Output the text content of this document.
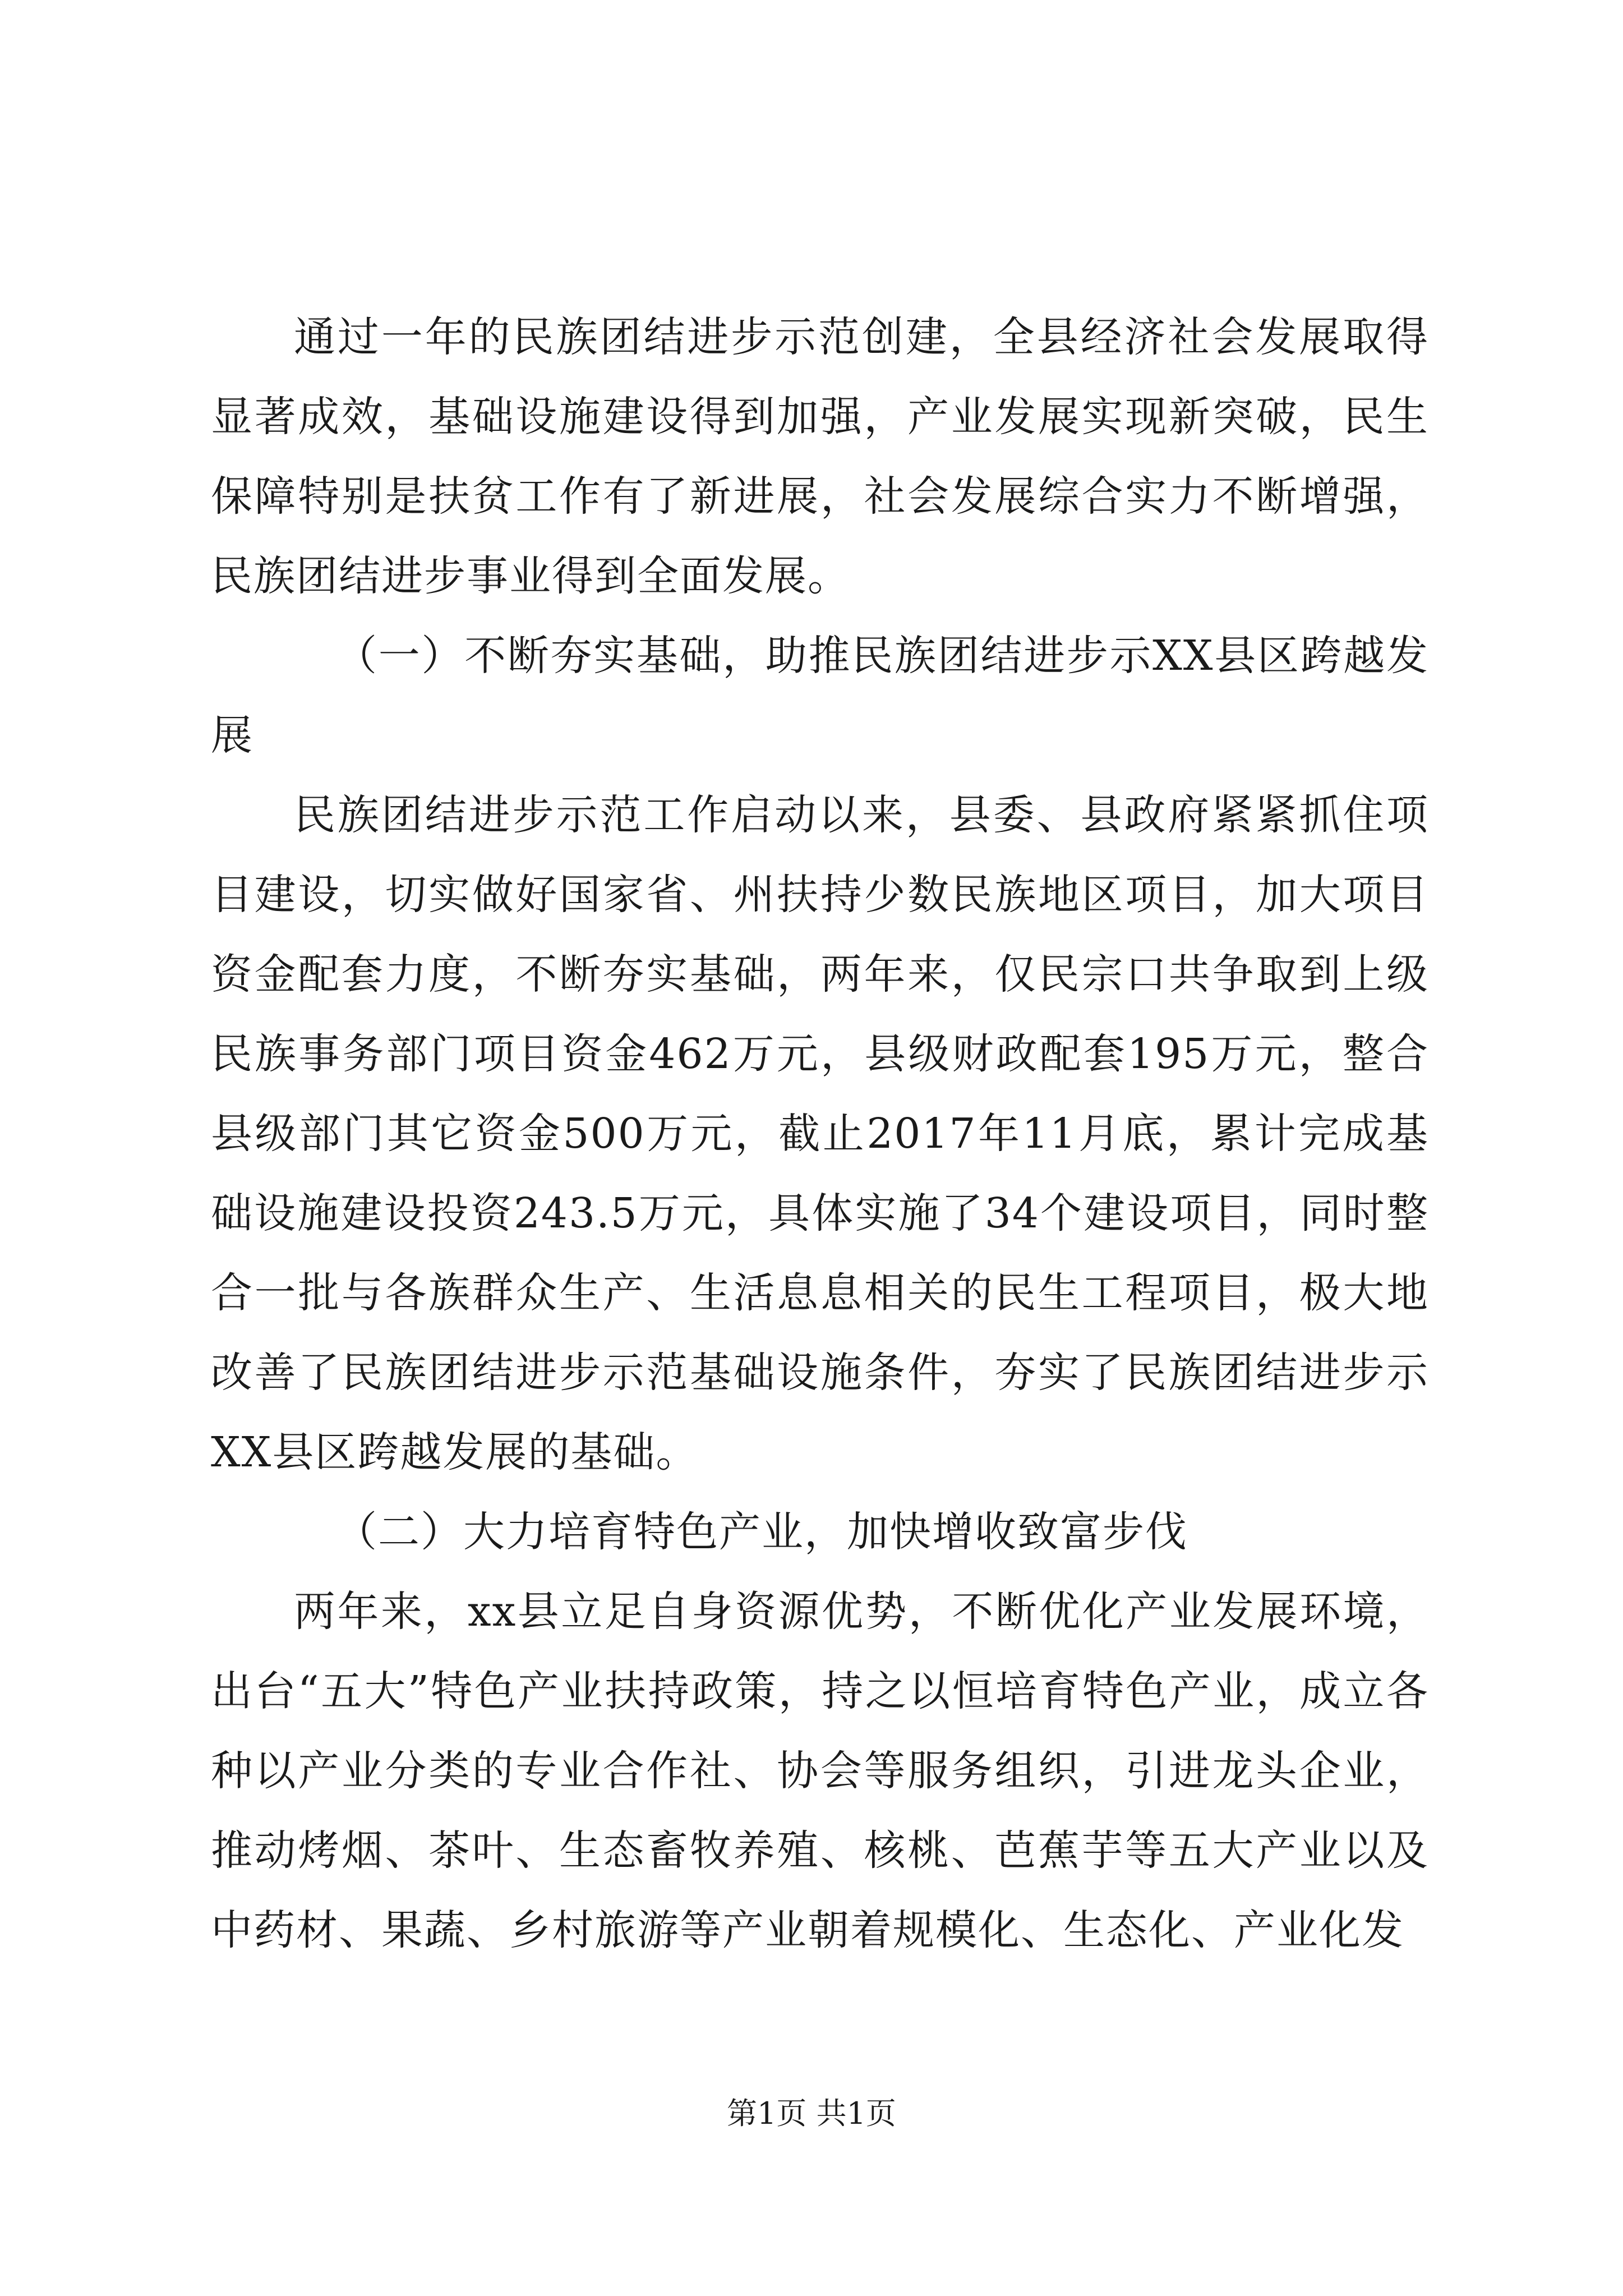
通过一年的民族团结进步示范创建，全县经济社会发展取得显著成效，基础设施建设得到加强，产业发展实现新突破，民生保障特别是扶贫工作有了新进展，社会发展综合实力不断增强，民族团结进步事业得到全面发展。

（一）不断夯实基础，助推民族团结进步示XX县区跨越发展

民族团结进步示范工作启动以来，县委、县政府紧紧抓住项目建设，切实做好国家省、州扶持少数民族地区项目，加大项目资金配套力度，不断夯实基础，两年来，仅民宗口共争取到上级民族事务部门项目资金462万元，县级财政配套195万元，整合县级部门其它资金500万元，截止2017年11月底，累计完成基础设施建设投资243.5万元，具体实施了34个建设项目，同时整合一批与各族群众生产、生活息息相关的民生工程项目，极大地改善了民族团结进步示范基础设施条件，夯实了民族团结进步示XX县区跨越发展的基础。

（二）大力培育特色产业，加快增收致富步伐

两年来，xx县立足自身资源优势，不断优化产业发展环境，出台“五大”特色产业扶持政策，持之以恒培育特色产业，成立各种以产业分类的专业合作社、协会等服务组织，引进龙头企业，推动烤烟、茶叶、生态畜牧养殖、核桃、芭蕉芋等五大产业以及中药材、果蔬、乡村旅游等产业朝着规模化、生态化、产业化发

第1页 共1页
